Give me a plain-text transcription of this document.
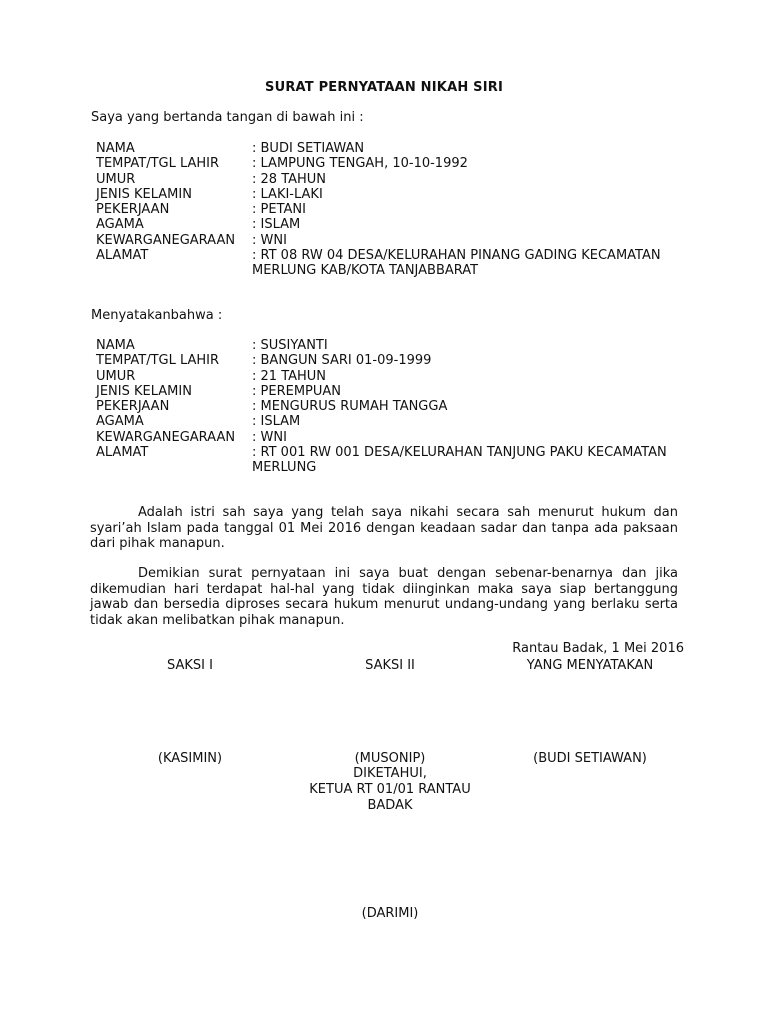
SURAT PERNYATAAN NIKAH SIRI
Saya yang bertanda tangan di bawah ini :
NAMA	: BUDI SETIAWAN
TEMPAT/TGL LAHIR	: LAMPUNG TENGAH, 10-10-1992
UMUR	: 28 TAHUN
JENIS KELAMIN	: LAKI-LAKI
PEKERJAAN	: PETANI
AGAMA	: ISLAM
KEWARGANEGARAAN	: WNI
ALAMAT	: RT 08 RW 04 DESA/KELURAHAN PINANG GADING KECAMATAN MERLUNG KAB/KOTA TANJABBARAT
Menyatakanbahwa :
NAMA	: SUSIYANTI
TEMPAT/TGL LAHIR	: BANGUN SARI 01-09-1999
UMUR	: 21 TAHUN
JENIS KELAMIN	: PEREMPUAN
PEKERJAAN	: MENGURUS RUMAH TANGGA
AGAMA	: ISLAM
KEWARGANEGARAAN	: WNI
ALAMAT	: RT 001 RW 001 DESA/KELURAHAN TANJUNG PAKU KECAMATAN MERLUNG
Adalah istri sah saya yang telah saya nikahi secara sah menurut hukum dan syari’ah Islam pada tanggal 01 Mei 2016 dengan keadaan sadar dan tanpa ada paksaan dari pihak manapun.
Demikian surat pernyataan ini saya buat dengan sebenar-benarnya dan jika dikemudian hari terdapat hal-hal yang tidak diinginkan maka saya siap bertanggung jawab dan bersedia diproses secara hukum menurut undang-undang yang berlaku serta tidak akan melibatkan pihak manapun.
Rantau Badak, 1 Mei 2016
SAKSI I	SAKSI II	YANG MENYATAKAN
(KASIMIN)	(MUSONIP)	(BUDI SETIAWAN)
DIKETAHUI,
KETUA RT 01/01 RANTAU BADAK
(DARIMI)
